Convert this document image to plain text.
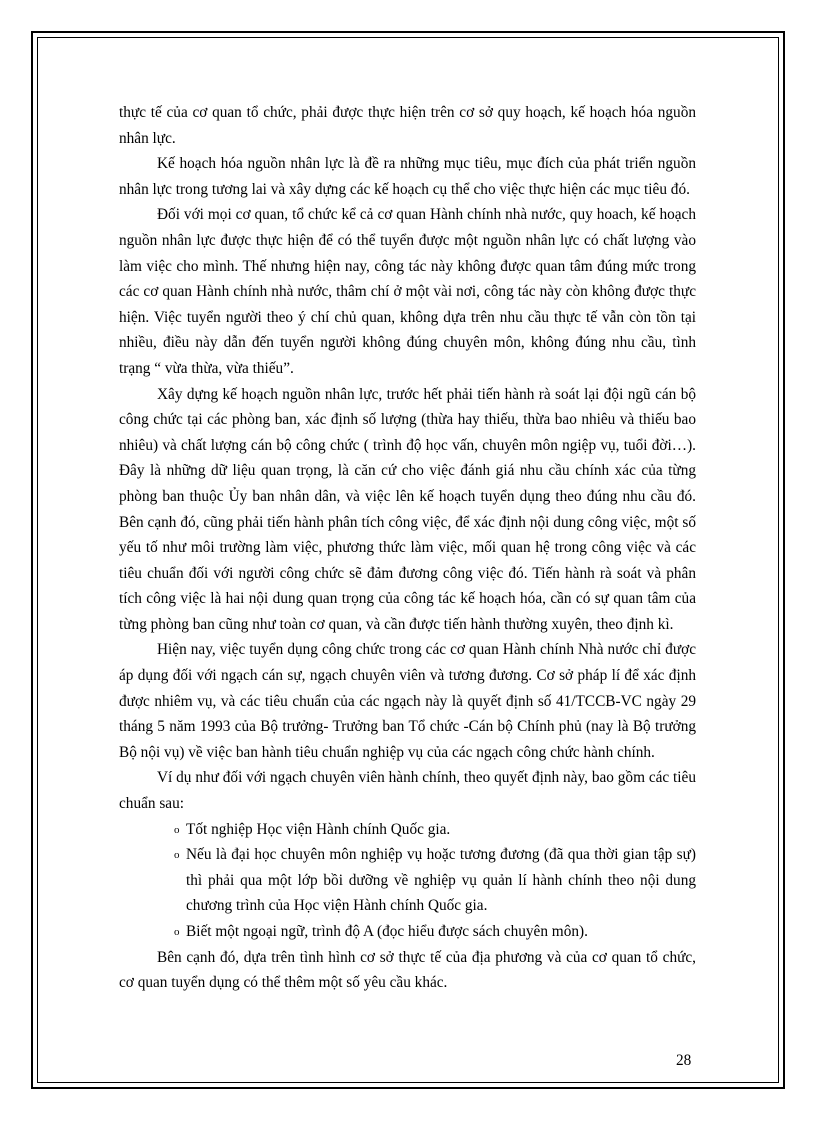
thực tế của cơ quan tổ chức, phải được thực hiện trên cơ sở quy hoạch, kế hoạch hóa nguồn nhân lực.

Kế hoạch hóa nguồn nhân lực là đề ra những mục tiêu, mục đích của phát triển nguồn nhân lực trong tương lai và xây dựng các kế hoạch cụ thể cho việc thực hiện các mục tiêu đó.

Đối với mọi cơ quan, tổ chức kể cả cơ quan Hành chính nhà nước, quy hoach, kế hoạch nguồn nhân lực được thực hiện để có thể tuyển được một nguồn nhân lực có chất lượng vào làm việc cho mình. Thế nhưng hiện nay, công tác này không được quan tâm đúng mức trong các cơ quan Hành chính nhà nước, thâm chí ở một vài nơi, công tác này còn không được thực hiện. Việc tuyển người theo ý chí chủ quan, không dựa trên nhu cầu thực tế vẫn còn tồn tại nhiều, điều này dẫn đến tuyển người không đúng chuyên môn, không đúng nhu cầu, tình trạng “ vừa thừa, vừa thiếu”.

Xây dựng kế hoạch nguồn nhân lực, trước hết phải tiến hành rà soát lại đội ngũ cán bộ công chức tại các phòng ban, xác định số lượng (thừa hay thiếu, thừa bao nhiêu và thiếu bao nhiêu) và chất lượng cán bộ công chức ( trình độ học vấn, chuyên môn ngiệp vụ, tuổi đời…). Đây là những dữ liệu quan trọng, là căn cứ cho việc đánh giá nhu cầu chính xác của từng phòng ban thuộc Ủy ban nhân dân, và việc lên kế hoạch tuyển dụng theo đúng nhu cầu đó. Bên cạnh đó, cũng phải tiến hành phân tích công việc, để xác định nội dung công việc, một số yếu tố như môi trường làm việc, phương thức làm việc, mối quan hệ trong công việc và các tiêu chuẩn đối với người công chức sẽ đảm đương công việc đó. Tiến hành rà soát và phân tích công việc là hai nội dung quan trọng của công tác kế hoạch hóa, cần có sự quan tâm của từng phòng ban cũng như toàn cơ quan, và cần được tiến hành thường xuyên, theo định kì.

Hiện nay, việc tuyển dụng công chức trong các cơ quan Hành chính Nhà nước chỉ được áp dụng đối với ngạch cán sự, ngạch chuyên viên và tương đương. Cơ sở pháp lí để xác định được nhiêm vụ, và các tiêu chuẩn của các ngạch này là quyết định số 41/TCCB-VC ngày 29 tháng 5 năm 1993 của Bộ trưởng- Trưởng ban Tổ chức -Cán bộ Chính phủ (nay là Bộ trưởng Bộ nội vụ) về việc ban hành tiêu chuẩn nghiệp vụ của các ngạch công chức hành chính.

Ví dụ như đối với ngạch chuyên viên hành chính, theo quyết định này, bao gồm các tiêu chuẩn sau:

o Tốt nghiệp Học viện Hành chính Quốc gia.

o Nếu là đại học chuyên môn nghiệp vụ hoặc tương đương (đã qua thời gian tập sự) thì phải qua một lớp bồi dưỡng về nghiệp vụ quản lí hành chính theo nội dung chương trình của Học viện Hành chính Quốc gia.

o Biết một ngoại ngữ, trình độ A (đọc hiểu được sách chuyên môn).

Bên cạnh đó, dựa trên tình hình cơ sở thực tế của địa phương và của cơ quan tổ chức, cơ quan tuyển dụng có thể thêm một số yêu cầu khác.

28
